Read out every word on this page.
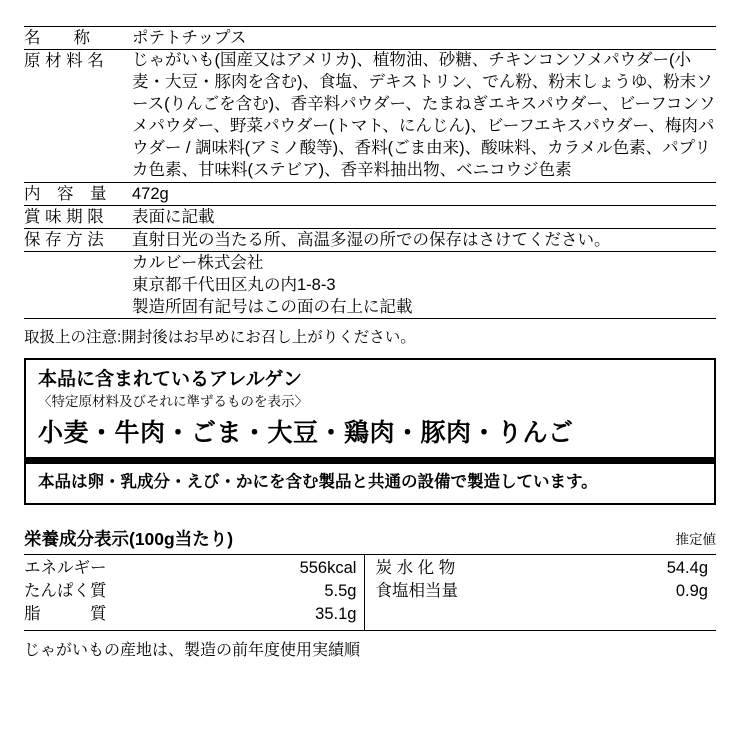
名　　称	ポテトチップス

原 材 料 名	じゃがいも(国産又はアメリカ)、植物油、砂糖、チキンコンソメパウダー(小麦・大豆・豚肉を含む)、食塩、デキストリン、でん粉、粉末しょうゆ、粉末ソース(りんごを含む)、香辛料パウダー、たまねぎエキスパウダー、ビーフコンソメパウダー、野菜パウダー(トマト、にんじん)、ビーフエキスパウダー、梅肉パウダー / 調味料(アミノ酸等)、香料(ごま由来)、酸味料、カラメル色素、パプリカ色素、甘味料(ステビア)、香辛料抽出物、ベニコウジ色素

内　容　量	472g

賞 味 期 限	表面に記載

保 存 方 法	直射日光の当たる所、高温多湿の所での保存はさけてください。

	カルビー株式会社
東京都千代田区丸の内1-8-3
製造所固有記号はこの面の右上に記載
取扱上の注意:開封後はお早めにお召し上がりください。
本品に含まれているアレルゲン
〈特定原材料及びそれに準ずるものを表示〉
小麦・牛肉・ごま・大豆・鶏肉・豚肉・りんご
本品は卵・乳成分・えび・かにを含む製品と共通の設備で製造しています。
栄養成分表示(100g当たり)	推定値
エネルギー	556kcal		炭 水 化 物	54.4g
たんぱく質	5.5g		食塩相当量	0.9g
脂　　　質	35.1g			
じゃがいもの産地は、製造の前年度使用実績順
